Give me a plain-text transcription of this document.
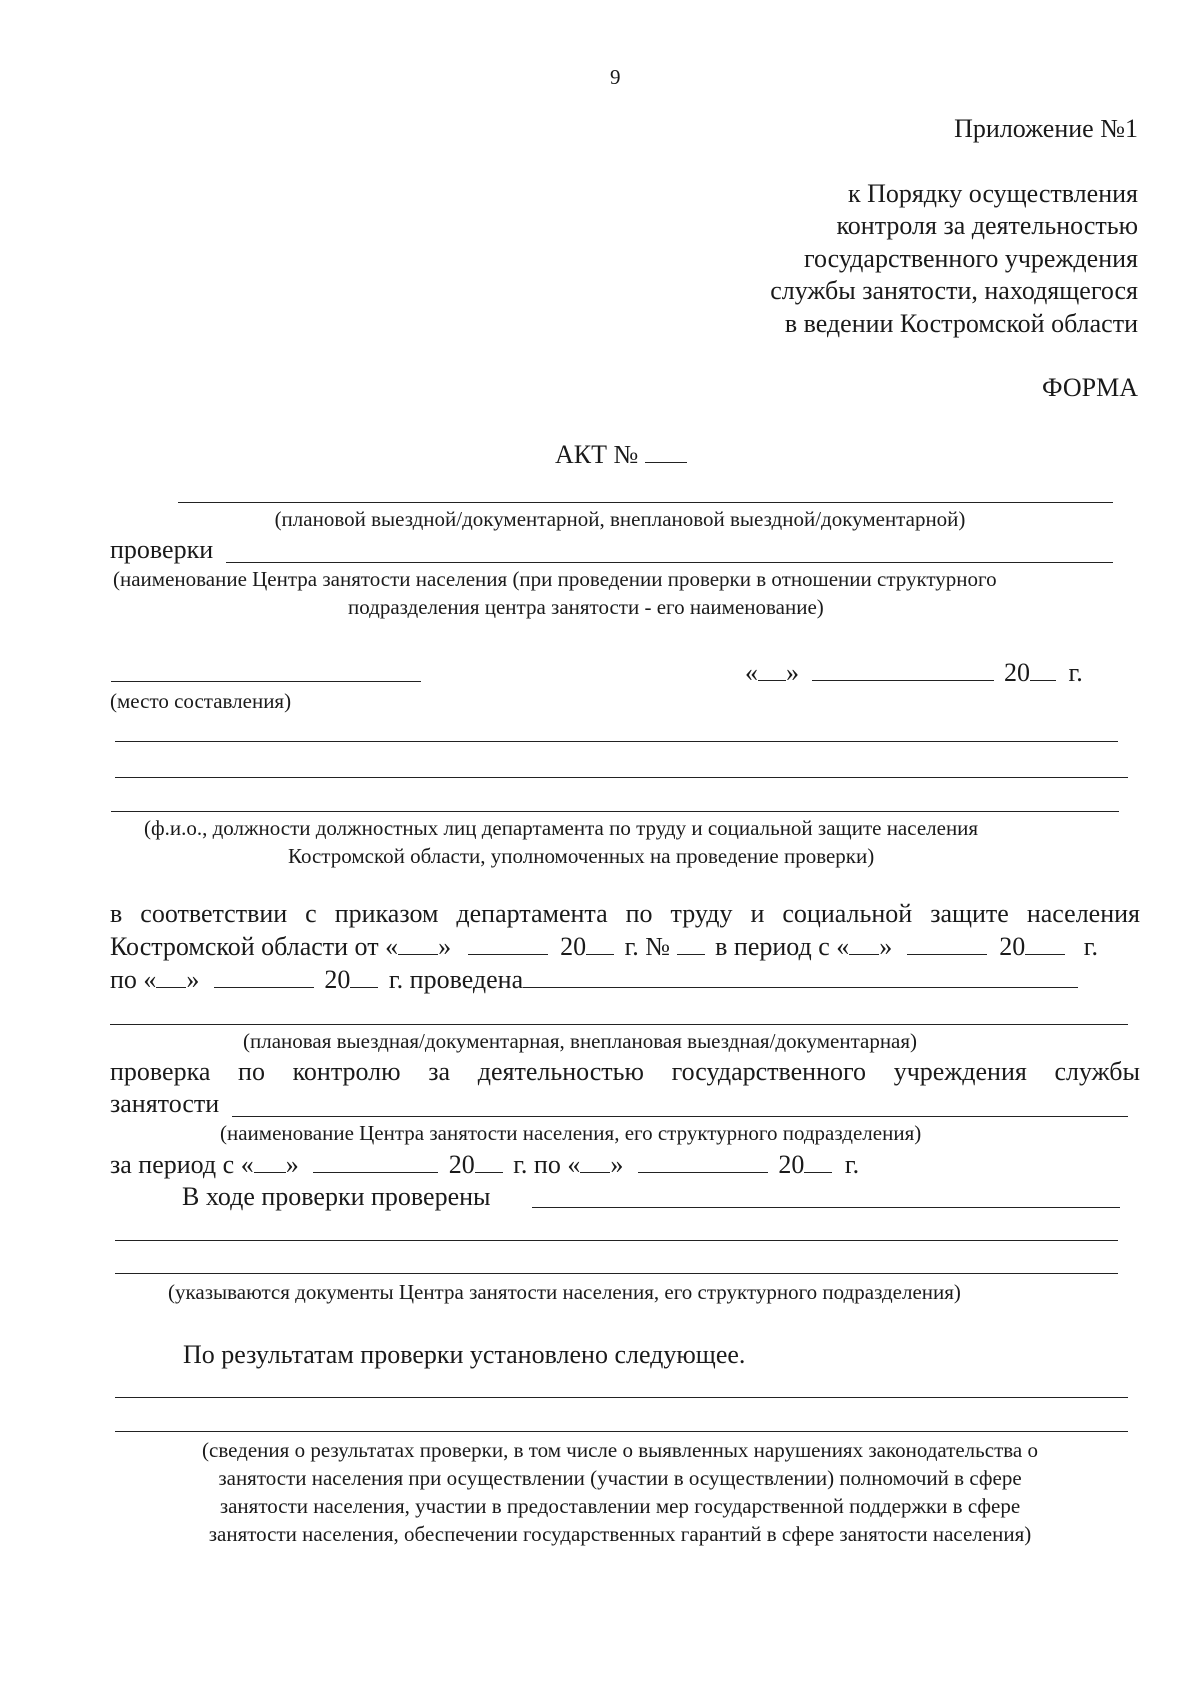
9
Приложение №1
к Порядку осуществления
контроля за деятельностью
государственного учреждения
службы занятости, находящегося
в ведении Костромской области
ФОРМА
АКТ №
(плановой выездной/документарной, внеплановой выездной/документарной)
проверки
(наименование Центра занятости населения (при проведении проверки в отношении структурного
подразделения центра занятости - его наименование)
(место составления)
« »	20 г.
(ф.и.о., должности должностных лиц департамента по труду и социальной защите населения
Костромской области, уполномоченных на проведение проверки)
в соответствии с приказом департамента по труду и социальной защите населения
Костромской области от « »	20 г. № в период с « »	20 г.
по « »	20 г. проведена
(плановая выездная/документарная, внеплановая выездная/документарная)
проверка по контролю за деятельностью государственного учреждения службы
занятости
(наименование Центра занятости населения, его структурного подразделения)
за период с « »	20 г. по « »	20 г.
В ходе проверки проверены
(указываются документы Центра занятости населения, его структурного подразделения)
По результатам проверки установлено следующее.
(сведения о результатах проверки, в том числе о выявленных нарушениях законодательства о
занятости населения при осуществлении (участии в осуществлении) полномочий в сфере
занятости населения, участии в предоставлении мер государственной поддержки в сфере
занятости населения, обеспечении государственных гарантий в сфере занятости населения)
